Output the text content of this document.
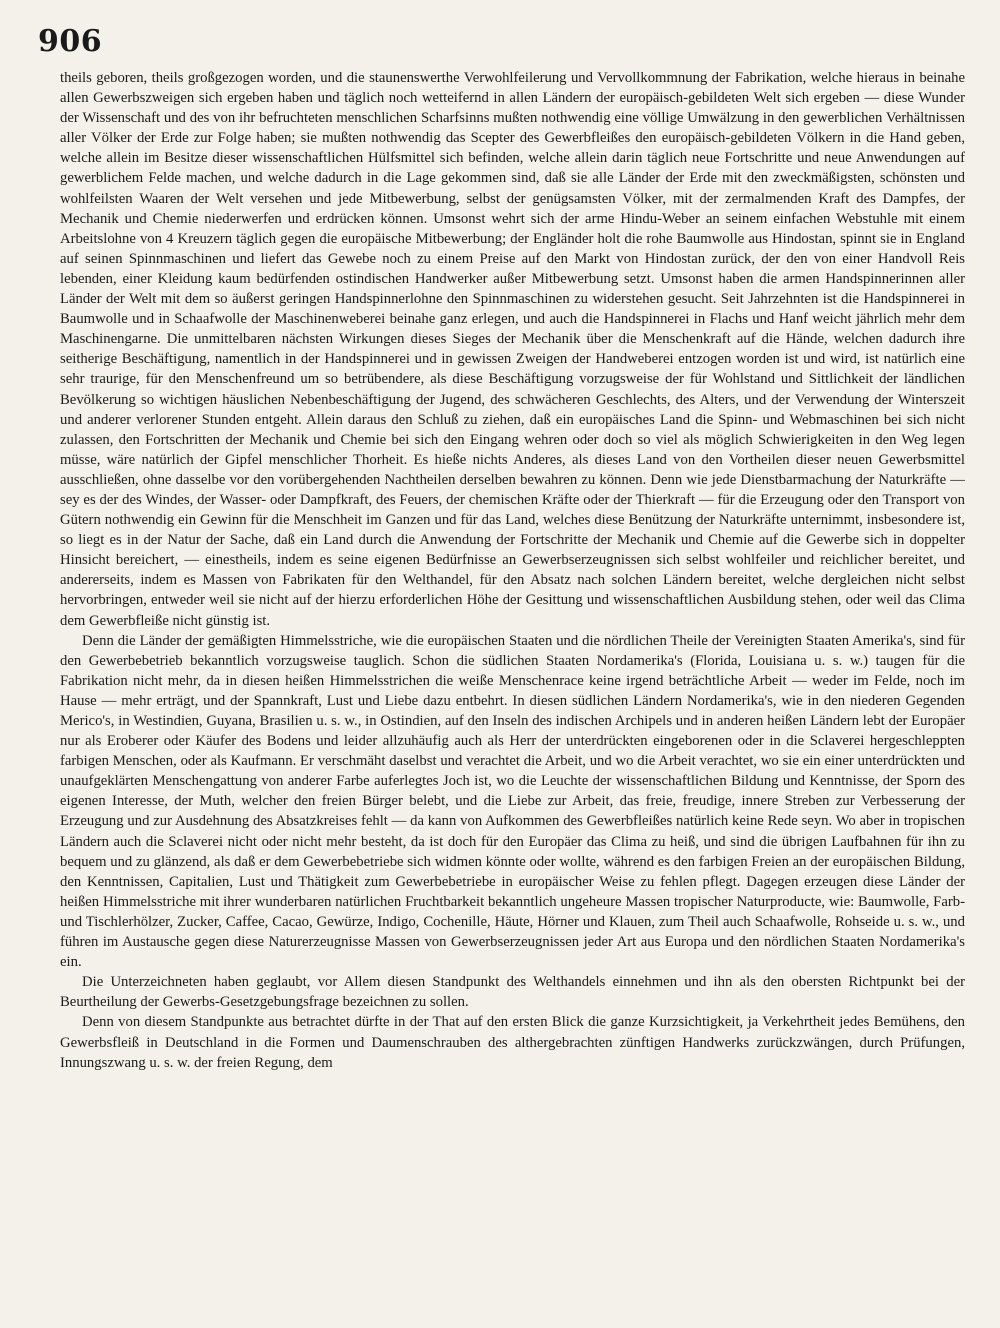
906

theils geboren, theils großgezogen worden, und die staunenswerthe Verwohlfeilerung und Vervollkommnung der Fabrikation, welche hieraus in beinahe allen Gewerbszweigen sich ergeben haben und täglich noch wetteifernd in allen Ländern der europäisch-gebildeten Welt sich ergeben — diese Wunder der Wissenschaft und des von ihr befruchteten menschlichen Scharfsinns mußten nothwendig eine völlige Umwälzung in den gewerblichen Verhältnissen aller Völker der Erde zur Folge haben; sie mußten nothwendig das Scepter des Gewerbfleißes den europäisch-gebildeten Völkern in die Hand geben, welche allein im Besitze dieser wissenschaftlichen Hülfsmittel sich befinden, welche allein darin täglich neue Fortschritte und neue Anwendungen auf gewerblichem Felde machen, und welche dadurch in die Lage gekommen sind, daß sie alle Länder der Erde mit den zweckmäßigsten, schönsten und wohlfeilsten Waaren der Welt versehen und jede Mitbewerbung, selbst der genügsamsten Völker, mit der zermalmenden Kraft des Dampfes, der Mechanik und Chemie niederwerfen und erdrücken können. Umsonst wehrt sich der arme Hindu-Weber an seinem einfachen Webstuhle mit einem Arbeitslohne von 4 Kreuzern täglich gegen die europäische Mitbewerbung; der Engländer holt die rohe Baumwolle aus Hindostan, spinnt sie in England auf seinen Spinnmaschinen und liefert das Gewebe noch zu einem Preise auf den Markt von Hindostan zurück, der den von einer Handvoll Reis lebenden, einer Kleidung kaum bedürfenden ostindischen Handwerker außer Mitbewerbung setzt. Umsonst haben die armen Handspinnerinnen aller Länder der Welt mit dem so äußerst geringen Handspinnerlohne den Spinnmaschinen zu widerstehen gesucht. Seit Jahrzehnten ist die Handspinnerei in Baumwolle und in Schaafwolle der Maschinenweberei beinahe ganz erlegen, und auch die Handspinnerei in Flachs und Hanf weicht jährlich mehr dem Maschinengarne. Die unmittelbaren nächsten Wirkungen dieses Sieges der Mechanik über die Menschenkraft auf die Hände, welchen dadurch ihre seitherige Beschäftigung, namentlich in der Handspinnerei und in gewissen Zweigen der Handweberei entzogen worden ist und wird, ist natürlich eine sehr traurige, für den Menschenfreund um so betrübendere, als diese Beschäftigung vorzugsweise der für Wohlstand und Sittlichkeit der ländlichen Bevölkerung so wichtigen häuslichen Nebenbeschäftigung der Jugend, des schwächeren Geschlechts, des Alters, und der Verwendung der Winterszeit und anderer verlorener Stunden entgeht. Allein daraus den Schluß zu ziehen, daß ein europäisches Land die Spinn- und Webmaschinen bei sich nicht zulassen, den Fortschritten der Mechanik und Chemie bei sich den Eingang wehren oder doch so viel als möglich Schwierigkeiten in den Weg legen müsse, wäre natürlich der Gipfel menschlicher Thorheit. Es hieße nichts Anderes, als dieses Land von den Vortheilen dieser neuen Gewerbsmittel ausschließen, ohne dasselbe vor den vorübergehenden Nachtheilen derselben bewahren zu können. Denn wie jede Dienstbarmachung der Naturkräfte — sey es der des Windes, der Wasser- oder Dampfkraft, des Feuers, der chemischen Kräfte oder der Thierkraft — für die Erzeugung oder den Transport von Gütern nothwendig ein Gewinn für die Menschheit im Ganzen und für das Land, welches diese Benützung der Naturkräfte unternimmt, insbesondere ist, so liegt es in der Natur der Sache, daß ein Land durch die Anwendung der Fortschritte der Mechanik und Chemie auf die Gewerbe sich in doppelter Hinsicht bereichert, — einestheils, indem es seine eigenen Bedürfnisse an Gewerbserzeugnissen sich selbst wohlfeiler und reichlicher bereitet, und andererseits, indem es Massen von Fabrikaten für den Welthandel, für den Absatz nach solchen Ländern bereitet, welche dergleichen nicht selbst hervorbringen, entweder weil sie nicht auf der hierzu erforderlichen Höhe der Gesittung und wissenschaftlichen Ausbildung stehen, oder weil das Clima dem Gewerbfleiße nicht günstig ist.

Denn die Länder der gemäßigten Himmelsstriche, wie die europäischen Staaten und die nördlichen Theile der Vereinigten Staaten Amerika's, sind für den Gewerbebetrieb bekanntlich vorzugsweise tauglich. Schon die südlichen Staaten Nordamerika's (Florida, Louisiana u. s. w.) taugen für die Fabrikation nicht mehr, da in diesen heißen Himmelsstrichen die weiße Menschenrace keine irgend beträchtliche Arbeit — weder im Felde, noch im Hause — mehr erträgt, und der Spannkraft, Lust und Liebe dazu entbehrt. In diesen südlichen Ländern Nordamerika's, wie in den niederen Gegenden Merico's, in Westindien, Guyana, Brasilien u. s. w., in Ostindien, auf den Inseln des indischen Archipels und in anderen heißen Ländern lebt der Europäer nur als Eroberer oder Käufer des Bodens und leider allzuhäufig auch als Herr der unterdrückten eingeborenen oder in die Sclaverei hergeschleppten farbigen Menschen, oder als Kaufmann. Er verschmäht daselbst und verachtet die Arbeit, und wo die Arbeit verachtet, wo sie ein einer unterdrückten und unaufgeklärten Menschengattung von anderer Farbe auferlegtes Joch ist, wo die Leuchte der wissenschaftlichen Bildung und Kenntnisse, der Sporn des eigenen Interesse, der Muth, welcher den freien Bürger belebt, und die Liebe zur Arbeit, das freie, freudige, innere Streben zur Verbesserung der Erzeugung und zur Ausdehnung des Absatzkreises fehlt — da kann von Aufkommen des Gewerbfleißes natürlich keine Rede seyn. Wo aber in tropischen Ländern auch die Sclaverei nicht oder nicht mehr besteht, da ist doch für den Europäer das Clima zu heiß, und sind die übrigen Laufbahnen für ihn zu bequem und zu glänzend, als daß er dem Gewerbebetriebe sich widmen könnte oder wollte, während es den farbigen Freien an der europäischen Bildung, den Kenntnissen, Capitalien, Lust und Thätigkeit zum Gewerbebetriebe in europäischer Weise zu fehlen pflegt. Dagegen erzeugen diese Länder der heißen Himmelsstriche mit ihrer wunderbaren natürlichen Fruchtbarkeit bekanntlich ungeheure Massen tropischer Naturproducte, wie: Baumwolle, Farb- und Tischlerhölzer, Zucker, Caffee, Cacao, Gewürze, Indigo, Cochenille, Häute, Hörner und Klauen, zum Theil auch Schaafwolle, Rohseide u. s. w., und führen im Austausche gegen diese Naturerzeugnisse Massen von Gewerbserzeugnissen jeder Art aus Europa und den nördlichen Staaten Nordamerika's ein.

Die Unterzeichneten haben geglaubt, vor Allem diesen Standpunkt des Welthandels einnehmen und ihn als den obersten Richtpunkt bei der Beurtheilung der Gewerbs-Gesetzgebungsfrage bezeichnen zu sollen.

Denn von diesem Standpunkte aus betrachtet dürfte in der That auf den ersten Blick die ganze Kurzsichtigkeit, ja Verkehrtheit jedes Bemühens, den Gewerbsfleiß in Deutschland in die Formen und Daumenschrauben des althergebrachten zünftigen Handwerks zurückzwängen, durch Prüfungen, Innungszwang u. s. w. der freien Regung, dem
